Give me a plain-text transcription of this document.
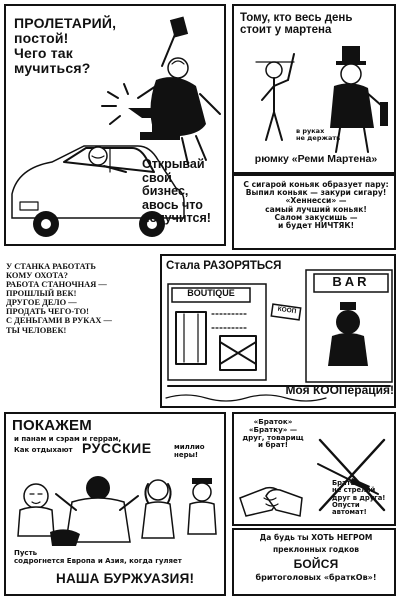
ПРОЛЕТАРИЙ,
постой!
Чего так
мучиться?
Открывай
свой
бизнес,
авось что
получится!
Тому, кто весь день
стоит у мартена
в руках
не держать
рюмку «Реми Мартена»
С сигарой коньяк образует пару:
Выпил коньяк — закури сигару!
«Хеннесси» —
самый лучший коньяк!
Салом закусишь —
и будет НИЧТЯК!
У СТАНКА РАБОТАТЬ
КОМУ ОХОТА?
РАБОТА СТАНОЧНАЯ —
ПРОШЛЫЙ ВЕК!
ДРУГОЕ ДЕЛО —
ПРОДАТЬ ЧЕГО-ТО!
С ДЕНЬГАМИ В РУКАХ —
ТЫ ЧЕЛОВЕК!
Стала РАЗОРЯТЬСЯ
BOUTIQUE
BAR
КООП
Моя КООПерация!
ПОКАЖЕМ
и панам и сэрам и геррам,
Как отдыхают РУССКИЕ	миллио
неры!
Пусть
содрогнется Европа и Азия, когда гуляет
НАША БУРЖУАЗИЯ!
«Браток»
«Братку» —
друг, товарищ
и брат!
Братва,
не стреляй
друг в друга!
Опусти автомат!
Да будь ты ХОТЬ НЕГРОМ
преклонных годков
БОЙСЯ
бритоголовых «браткОв»!
